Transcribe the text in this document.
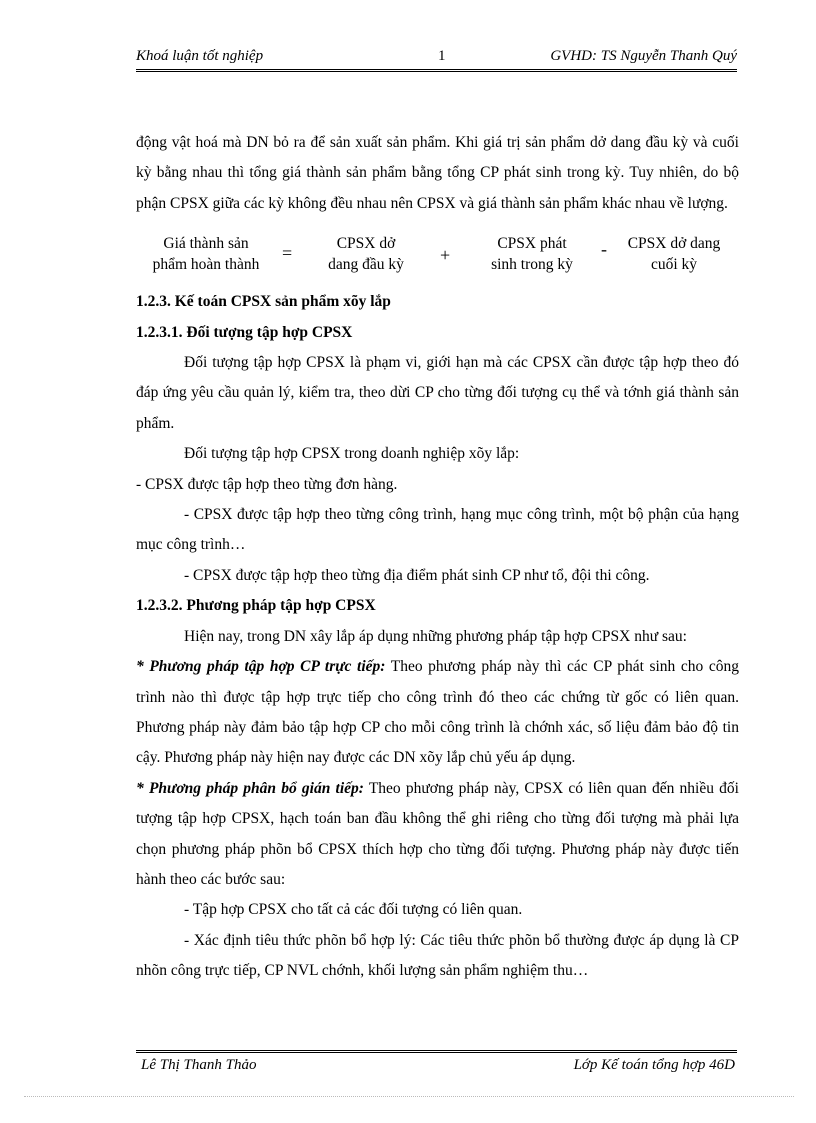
Khoá luận tốt nghiệp	1	GVHD: TS Nguyễn Thanh Quý

động vật hoá mà DN bỏ ra để sản xuất sản phẩm. Khi giá trị sản phẩm dở dang đầu kỳ và cuối kỳ bằng nhau thì tổng giá thành sản phẩm bằng tổng CP phát sinh trong kỳ. Tuy nhiên, do bộ phận CPSX giữa các kỳ không đều nhau nên CPSX và giá thành sản phẩm khác nhau về lượng.

Giá thành sản
phẩm hoàn thành
=	CPSX dở
dang đầu kỳ	+
CPSX phát
sinh trong kỳ
-	CPSX dở dang
cuối kỳ

1.2.3. Kế toán CPSX sản phẩm xõy lắp

1.2.3.1. Đối tượng tập hợp CPSX

Đối tượng tập hợp CPSX là phạm vi, giới hạn mà các CPSX cần được tập hợp theo đó đáp ứng yêu cầu quản lý, kiểm tra, theo dừi CP cho từng đối tượng cụ thể và tớnh giá thành sản phẩm.

Đối tượng tập hợp CPSX trong doanh nghiệp xõy lắp:

- CPSX được tập hợp theo từng đơn hàng.

- CPSX được tập hợp theo từng công trình, hạng mục công trình, một bộ phận của hạng mục công trình…

- CPSX được tập hợp theo từng địa điểm phát sinh CP như tổ, đội thi công.

1.2.3.2. Phương pháp tập hợp CPSX

Hiện nay, trong DN xây lắp áp dụng những phương pháp tập hợp CPSX như sau:

* Phương pháp tập hợp CP trực tiếp: Theo phương pháp này thì các CP phát sinh cho công trình nào thì được tập hợp trực tiếp cho công trình đó theo các chứng từ gốc có liên quan. Phương pháp này đảm bảo tập hợp CP cho mỗi công trình là chớnh xác, số liệu đảm bảo độ tin cậy. Phương pháp này hiện nay được các DN xõy lắp chủ yếu áp dụng.

* Phương pháp phân bổ gián tiếp: Theo phương pháp này, CPSX có liên quan đến nhiều đối tượng tập hợp CPSX, hạch toán ban đầu không thể ghi riêng cho từng đối tượng mà phải lựa chọn phương pháp phõn bổ CPSX thích hợp cho từng đối tượng. Phương pháp này được tiến hành theo các bước sau:

- Tập hợp CPSX cho tất cả các đối tượng có liên quan.

- Xác định tiêu thức phõn bổ hợp lý: Các tiêu thức phõn bổ thường được áp dụng là CP nhõn công trực tiếp, CP NVL chớnh, khối lượng sản phẩm nghiệm thu…

Lê Thị Thanh Thảo	Lớp Kế toán tổng hợp 46D
